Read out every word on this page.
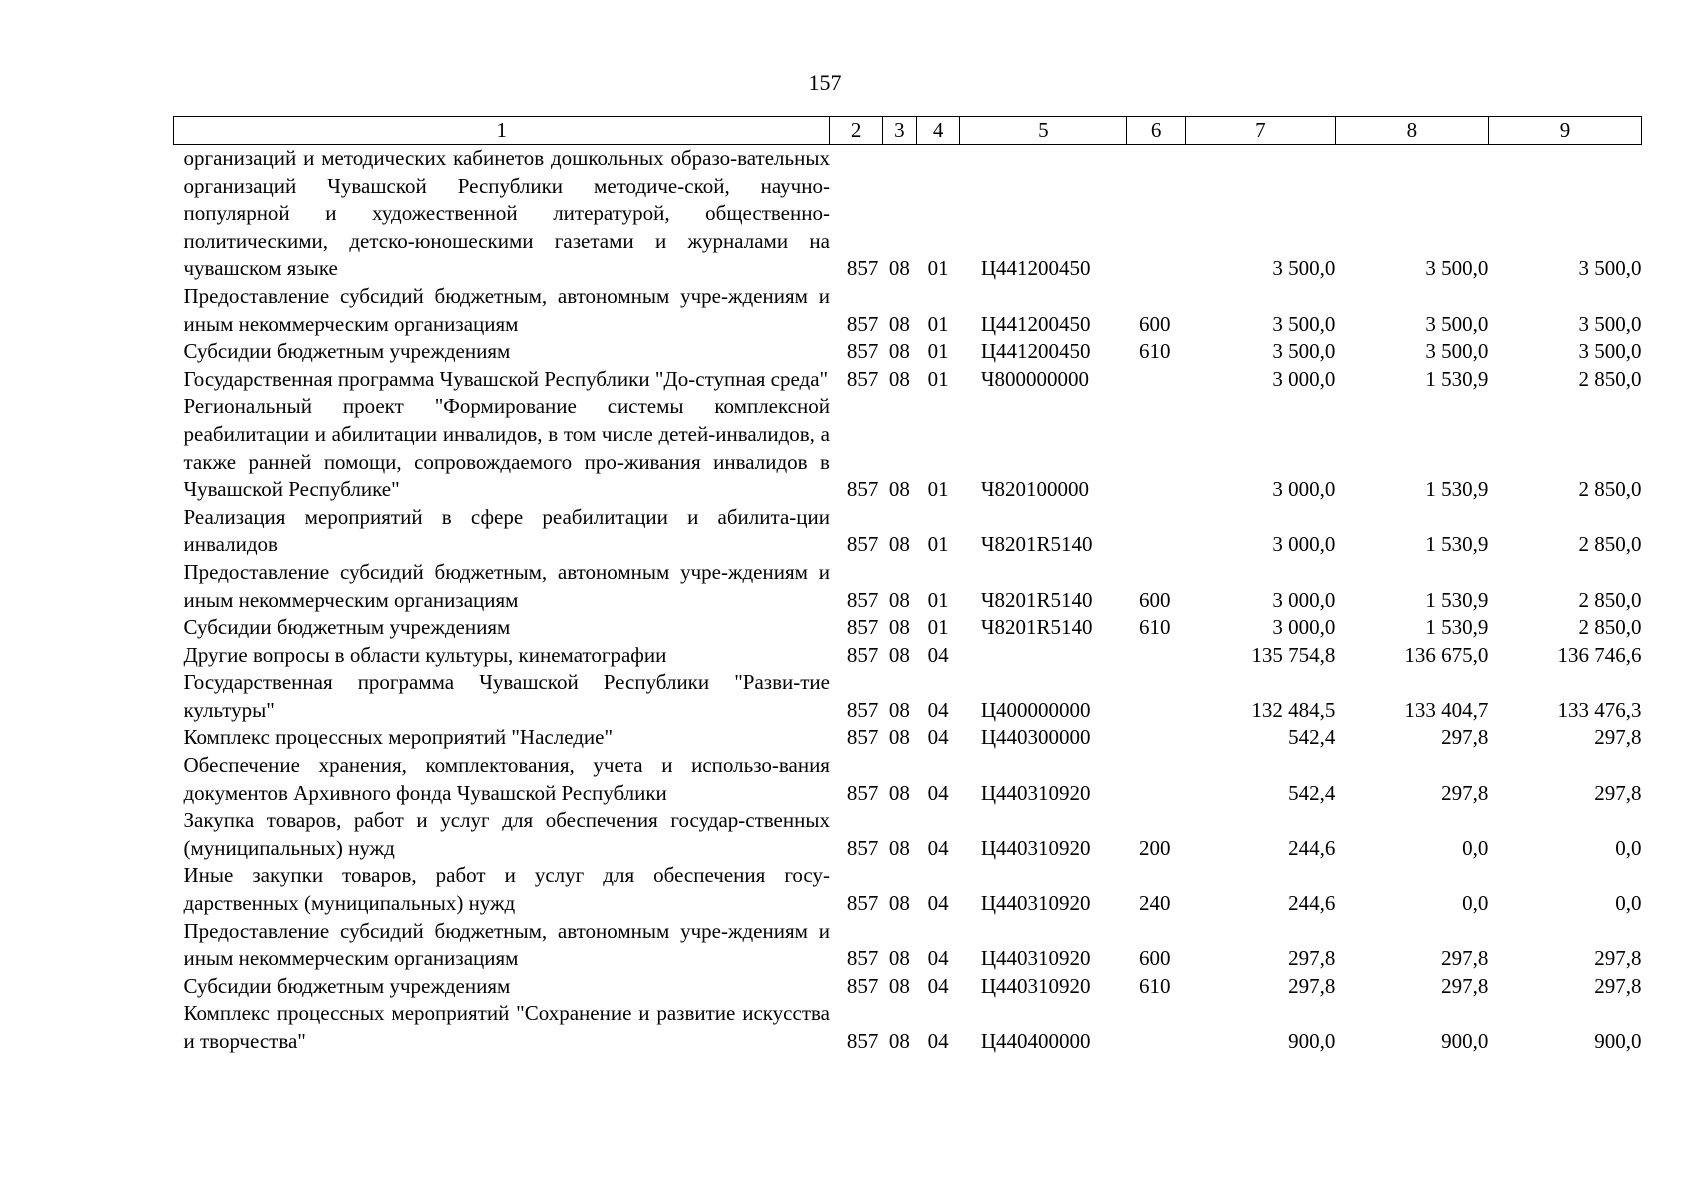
157
1	2	3	4	5	6	7	8	9
организаций и методических кабинетов дошкольных образо-вательных организаций Чувашской Республики методиче-ской, научно-популярной и художественной литературой, общественно-политическими, детско-юношескими газетами и журналами на чувашском языке	857	08	01	Ц441200450		3 500,0	3 500,0	3 500,0
Предоставление субсидий бюджетным, автономным учре-ждениям и иным некоммерческим организациям	857	08	01	Ц441200450	600	3 500,0	3 500,0	3 500,0
Субсидии бюджетным учреждениям	857	08	01	Ц441200450	610	3 500,0	3 500,0	3 500,0
Государственная программа Чувашской Республики "До-ступная среда"	857	08	01	Ч800000000		3 000,0	1 530,9	2 850,0
Региональный проект "Формирование системы комплексной реабилитации и абилитации инвалидов, в том числе детей-инвалидов, а также ранней помощи, сопровождаемого про-живания инвалидов в Чувашской Республике"	857	08	01	Ч820100000		3 000,0	1 530,9	2 850,0
Реализация мероприятий в сфере реабилитации и абилита-ции инвалидов	857	08	01	Ч8201R5140		3 000,0	1 530,9	2 850,0
Предоставление субсидий бюджетным, автономным учре-ждениям и иным некоммерческим организациям	857	08	01	Ч8201R5140	600	3 000,0	1 530,9	2 850,0
Субсидии бюджетным учреждениям	857	08	01	Ч8201R5140	610	3 000,0	1 530,9	2 850,0
Другие вопросы в области культуры, кинематографии	857	08	04			135 754,8	136 675,0	136 746,6
Государственная программа Чувашской Республики "Разви-тие культуры"	857	08	04	Ц400000000		132 484,5	133 404,7	133 476,3
Комплекс процессных мероприятий "Наследие"	857	08	04	Ц440300000		542,4	297,8	297,8
Обеспечение хранения, комплектования, учета и использо-вания документов Архивного фонда Чувашской Республики	857	08	04	Ц440310920		542,4	297,8	297,8
Закупка товаров, работ и услуг для обеспечения государ-ственных (муниципальных) нужд	857	08	04	Ц440310920	200	244,6	0,0	0,0
Иные закупки товаров, работ и услуг для обеспечения госу-дарственных (муниципальных) нужд	857	08	04	Ц440310920	240	244,6	0,0	0,0
Предоставление субсидий бюджетным, автономным учре-ждениям и иным некоммерческим организациям	857	08	04	Ц440310920	600	297,8	297,8	297,8
Субсидии бюджетным учреждениям	857	08	04	Ц440310920	610	297,8	297,8	297,8
Комплекс процессных мероприятий "Сохранение и развитие искусства и творчества"	857	08	04	Ц440400000		900,0	900,0	900,0
